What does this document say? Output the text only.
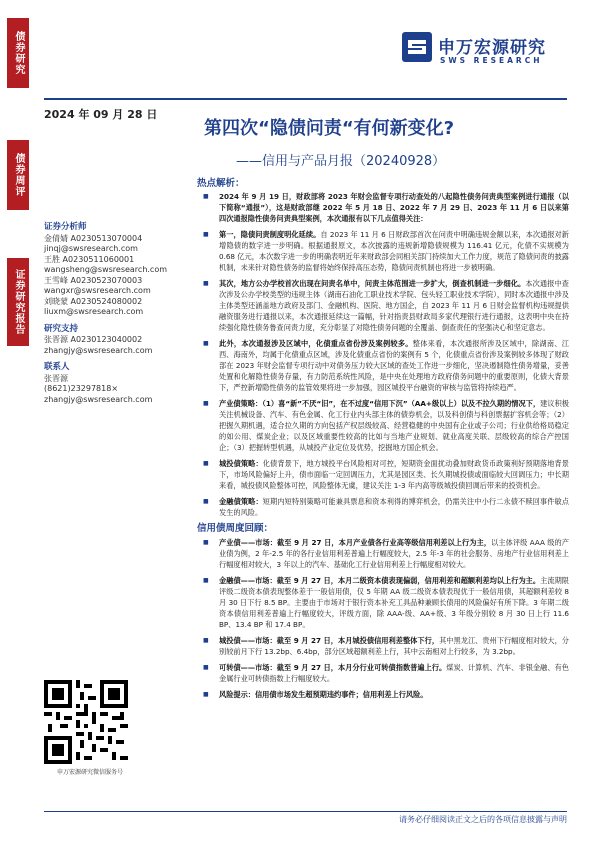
债券研究
债券周评
证券研究报告
申万宏源研究
SWS RESEARCH
2024 年 09 月 28 日
第四次“隐债问责“有何新变化?
——信用与产品月报（20240928）
证券分析师
金倩婧 A0230513070004
jinqj@swsresearch.com
王胜 A0230511060001
wangsheng@swsresearch.com
王雪峰 A0230523070003
wangxr@swsresearch.com
刘晓蒙 A0230524080002
liuxm@swsresearch.com
研究支持
张晋源 A0230123040002
zhangjy@swsresearch.com
联系人
张晋源
(8621)23297818×
zhangjy@swsresearch.com
申万宏源研究微信服务号
热点解析：
■ 2024 年 9 月 19 日，财政部将 2023 年财会监督专项行动查处的八起隐性债务问责典型案例进行通报（以下简称“通报”），这是财政部继 2022 年 5 月 18 日、2022 年 7 月 29 日、2023 年 11 月 6 日以来第四次通报隐性债务问责典型案例，本次通报有以下几点值得关注：
■ 第一，隐债问责制度明化延续。自 2023 年 11 月 6 日财政部首次在问责中明确违规金额以来，本次通报对新增隐债的数字进一步明确。根据通报原文，本次披露的违规新增隐债规模为 116.41 亿元，化债不实规模为 0.68 亿元，本次数字进一步的明确表明近年来财政部会同相关部门持续加大工作力度，规范了隐债问责的披露机制，未来针对隐性债务的监督将始终保持高压态势，隐债问责机制也将进一步被明确。
■ 其次，地方公办学校首次出现在问责名单中，问责主体范围进一步扩大，倒查机制进一步细化。本次通报中查次涉及公办学校类型的违规主体（湖南石油化工职业技术学院、包头轻工职业技术学院），同时本次通报中涉及主体类型还涵盖地方政府及部门、金融机构、医院、地方国企，自 2023 年 11 月 6 日财会监督机构违规提供融资服务进行通报以来，本次通报延续这一篇幅，针对指责县财政局多家代理银行进行通报，这表明中央在持续强化隐性债务鲁查问责力度，充分彰显了对隐性债务问题的全覆盖、倒查责任的坚强决心和坚定意志。
■ 此外，本次通报涉及区域中，化债重点省份涉及案例较多。整体来看，本次通报所涉及区域中，除湖南、江西、海南外，均属于化债重点区域，涉及化债重点省份的案例有 5 个，化债重点省份涉及案例较多体现了财政部在 2023 年财会监督专项行动中对债务压力较大区域的查处工作进一步细化，坚决遏制隐性债务增量，妥善处置和化解隐性债务存量，有力防范系统性风险，是中央在处理地方政府债务问题中的重要原则，化债大背景下，严控新增隐性债务的监管效果将进一步加强，园区城投平台融资的审核与监管将持续趋严。
■ 产业债策略：（1）喜“新”不厌“旧”，在不过度“信用下沉”（AA+级以上）以及不拉久期的情况下，建议积极关注机械设备、汽车、有色金属、化工行业内头部主体的债券机会，以及科创债与科创票据扩容机会等；（2）把握久期机遇，适合拉久期的方向包括产权层级较高、经营稳健的中央国有企业或子公司；行业供给格局稳定的如公用、煤炭企业；以及区域重要性较高的比如与当地产业规划、就业高度关联、层级较高的综合产控国企；（3）把握转型机遇，从城投产业定位及优势，挖掘地方国企机会。
■ 城投债策略：化债背景下，地方城投平台风险相对可控，短期资金面扰动叠加财政货币政策利好预期落地背景下，市场风险偏好上升，债市面临一定回调压力，尤其是园区类、长久期城投债或面临较大回调压力；中长期来看，城投债风险整体可控，风险整体无虞，建议关注 1-3 年内高等级城投债回调后带来的投资机会。
■ 金融债策略：短期内短特别策略可能兼具票息和资本利得的博弈机会，仍需关注中小行二永债不赎回事件敏点发生的风险。
信用债周度回顾：
■ 产业债——市场：截至 9 月 27 日，本月产业债各行业高等级信用利差以上行为主，以主体评级 AAA 级的产业债为例，2 年-2.5 年的各行业信用利差普遍上行幅度较大，2.5 年-3 年的社会服务、房地产行业信用利差上行幅度相对较大，3 年以上的汽车、基础化工行业信用利差上行幅度相对较大。
■ 金融债——市场：截至 9 月 27 日，本月二级资本债表现偏弱，信用利差和超额利差均以上行为主。主流期限评级二级资本债表现整体差于一般信用债，仅 5 年期 AA 级二级资本债表现优于一般信用债，其超额利差较 8 月 30 日下行 8.5 BP。主要由于市场对于银行资本补充工具品种兼顾长债用的风险偏好有所下降。3 年期二级资本债信用利差普遍上行幅度较大，评级方面，除 AAA-级、AA+级、3 年级分别较 8 月 30 日上行 11.6 BP、13.4 BP 和 17.4 BP。
■ 城投债——市场：截至 9 月 27 日，本月城投债信用利差整体下行，其中黑龙江、贵州下行幅度相对较大，分别较前月下行 13.2bp、6.4bp，部分区域超额利差上行，其中云南相对上行较多，为 3.2bp。
■ 可转债——市场：截至 9 月 27 日，本月分行业可转债指数普遍上行。煤炭、计算机、汽车、非银金融、有色金属行业可转债指数上行幅度较大。
■ 风险提示：信用债市场发生超预期违约事件；信用利差上行风险。
请务必仔细阅读正文之后的各项信息披露与声明
